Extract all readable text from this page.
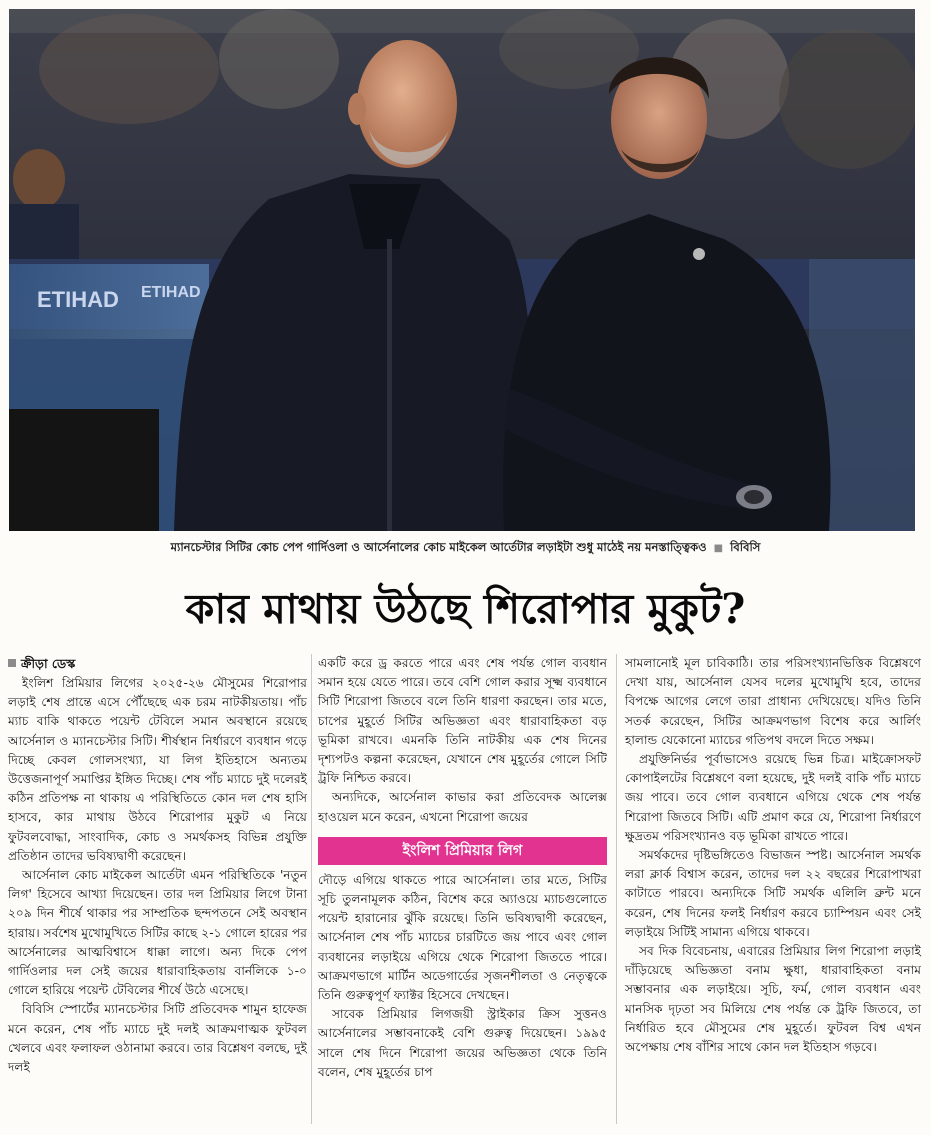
ETIHAD ETIHAD
ম্যানচেস্টার সিটির কোচ পেপ গার্দিওলা ও আর্সেনালের কোচ মাইকেল আর্তেটার লড়াইটা শুধু মাঠেই নয় মনস্তাত্ত্বিকও ■ বিবিসি
কার মাথায় উঠছে শিরোপার মুকুট?
ক্রীড়া ডেস্ক

ইংলিশ প্রিমিয়ার লিগের ২০২৫-২৬ মৌসুমের শিরোপার লড়াই শেষ প্রান্তে এসে পৌঁছেছে এক চরম নাটকীয়তায়। পাঁচ ম্যাচ বাকি থাকতে পয়েন্ট টেবিলে সমান অবস্থানে রয়েছে আর্সেনাল ও ম্যানচেস্টার সিটি। শীর্ষস্থান নির্ধারণে ব্যবধান গড়ে দিচ্ছে কেবল গোলসংখ্যা, যা লিগ ইতিহাসে অন্যতম উত্তেজনাপূর্ণ সমাপ্তির ইঙ্গিত দিচ্ছে। শেষ পাঁচ ম্যাচে দুই দলেরই কঠিন প্রতিপক্ষ না থাকায় এ পরিস্থিতিতে কোন দল শেষ হাসি হাসবে, কার মাথায় উঠবে শিরোপার মুকুট এ নিয়ে ফুটবলবোদ্ধা, সাংবাদিক, কোচ ও সমর্থকসহ বিভিন্ন প্রযুক্তি প্রতিষ্ঠান তাদের ভবিষ্যদ্বাণী করেছেন।

আর্সেনাল কোচ মাইকেল আর্তেটা এমন পরিস্থিতিকে 'নতুন লিগ' হিসেবে আখ্যা দিয়েছেন। তার দল প্রিমিয়ার লিগে টানা ২০৯ দিন শীর্ষে থাকার পর সাম্প্রতিক ছন্দপতনে সেই অবস্থান হারায়। সর্বশেষ মুখোমুখিতে সিটির কাছে ২-১ গোলে হারের পর আর্সেনালের আত্মবিশ্বাসে ধাক্কা লাগে। অন্য দিকে পেপ গার্দিওলার দল সেই জয়ের ধারাবাহিকতায় বার্নলিকে ১-০ গোলে হারিয়ে পয়েন্ট টেবিলের শীর্ষে উঠে এসেছে।

বিবিসি স্পোর্টের ম্যানচেস্টার সিটি প্রতিবেদক শামুন হাফেজ মনে করেন, শেষ পাঁচ ম্যাচে দুই দলই আক্রমণাত্মক ফুটবল খেলবে এবং ফলাফল ওঠানামা করবে। তার বিশ্লেষণ বলছে, দুই দলই

একটি করে ড্র করতে পারে এবং শেষ পর্যন্ত গোল ব্যবধান সমান হয়ে যেতে পারে। তবে বেশি গোল করার সূক্ষ্ম ব্যবধানে সিটি শিরোপা জিতবে বলে তিনি ধারণা করছেন। তার মতে, চাপের মুহূর্তে সিটির অভিজ্ঞতা এবং ধারাবাহিকতা বড় ভূমিকা রাখবে। এমনকি তিনি নাটকীয় এক শেষ দিনের দৃশ্যপটও কল্পনা করেছেন, যেখানে শেষ মুহূর্তের গোলে সিটি ট্রফি নিশ্চিত করবে।

অন্যদিকে, আর্সেনাল কাভার করা প্রতিবেদক আলেক্স হাওয়েল মনে করেন, এখনো শিরোপা জয়ের

ইংলিশ প্রিমিয়ার লিগ

দৌড়ে এগিয়ে থাকতে পারে আর্সেনাল। তার মতে, সিটির সূচি তুলনামূলক কঠিন, বিশেষ করে অ্যাওয়ে ম্যাচগুলোতে পয়েন্ট হারানোর ঝুঁকি রয়েছে। তিনি ভবিষ্যদ্বাণী করেছেন, আর্সেনাল শেষ পাঁচ ম্যাচের চারটিতে জয় পাবে এবং গোল ব্যবধানের লড়াইয়ে এগিয়ে থেকে শিরোপা জিততে পারে। আক্রমণভাগে মার্টিন অডেগার্ডের সৃজনশীলতা ও নেতৃত্বকে তিনি গুরুত্বপূর্ণ ফ্যাক্টর হিসেবে দেখছেন।

সাবেক প্রিমিয়ার লিগজয়ী স্ট্রাইকার ক্রিস সুত্তনও আর্সেনালের সম্ভাবনাকেই বেশি গুরুত্ব দিয়েছেন। ১৯৯৫ সালে শেষ দিনে শিরোপা জয়ের অভিজ্ঞতা থেকে তিনি বলেন, শেষ মুহূর্তের চাপ

সামলানোই মূল চাবিকাঠি। তার পরিসংখ্যানভিত্তিক বিশ্লেষণে দেখা যায়, আর্সেনাল যেসব দলের মুখোমুখি হবে, তাদের বিপক্ষে আগের লেগে তারা প্রাধান্য দেখিয়েছে। যদিও তিনি সতর্ক করেছেন, সিটির আক্রমণভাগ বিশেষ করে আর্লিং হালান্ড যেকোনো ম্যাচের গতিপথ বদলে দিতে সক্ষম।

প্রযুক্তিনির্ভর পূর্বাভাসেও রয়েছে ভিন্ন চিত্র। মাইক্রোসফট কোপাইলটের বিশ্লেষণে বলা হয়েছে, দুই দলই বাকি পাঁচ ম্যাচে জয় পাবে। তবে গোল ব্যবধানে এগিয়ে থেকে শেষ পর্যন্ত শিরোপা জিতবে সিটি। এটি প্রমাণ করে যে, শিরোপা নির্ধারণে ক্ষুদ্রতম পরিসংখ্যানও বড় ভূমিকা রাখতে পারে।

সমর্থকদের দৃষ্টিভঙ্গিতেও বিভাজন স্পষ্ট। আর্সেনাল সমর্থক লরা ক্লার্ক বিশ্বাস করেন, তাদের দল ২২ বছরের শিরোপাখরা কাটাতে পারবে। অন্যদিকে সিটি সমর্থক এলিলি ব্রুন্ট মনে করেন, শেষ দিনের ফলই নির্ধারণ করবে চ্যাম্পিয়ন এবং সেই লড়াইয়ে সিটিই সামান্য এগিয়ে থাকবে।

সব দিক বিবেচনায়, এবারের প্রিমিয়ার লিগ শিরোপা লড়াই দাঁড়িয়েছে অভিজ্ঞতা বনাম ক্ষুধা, ধারাবাহিকতা বনাম সম্ভাবনার এক লড়াইয়ে। সূচি, ফর্ম, গোল ব্যবধান এবং মানসিক দৃঢ়তা সব মিলিয়ে শেষ পর্যন্ত কে ট্রফি জিতবে, তা নির্ধারিত হবে মৌসুমের শেষ মুহূর্তে। ফুটবল বিশ্ব এখন অপেক্ষায় শেষ বাঁশির সাথে কোন দল ইতিহাস গড়বে।
